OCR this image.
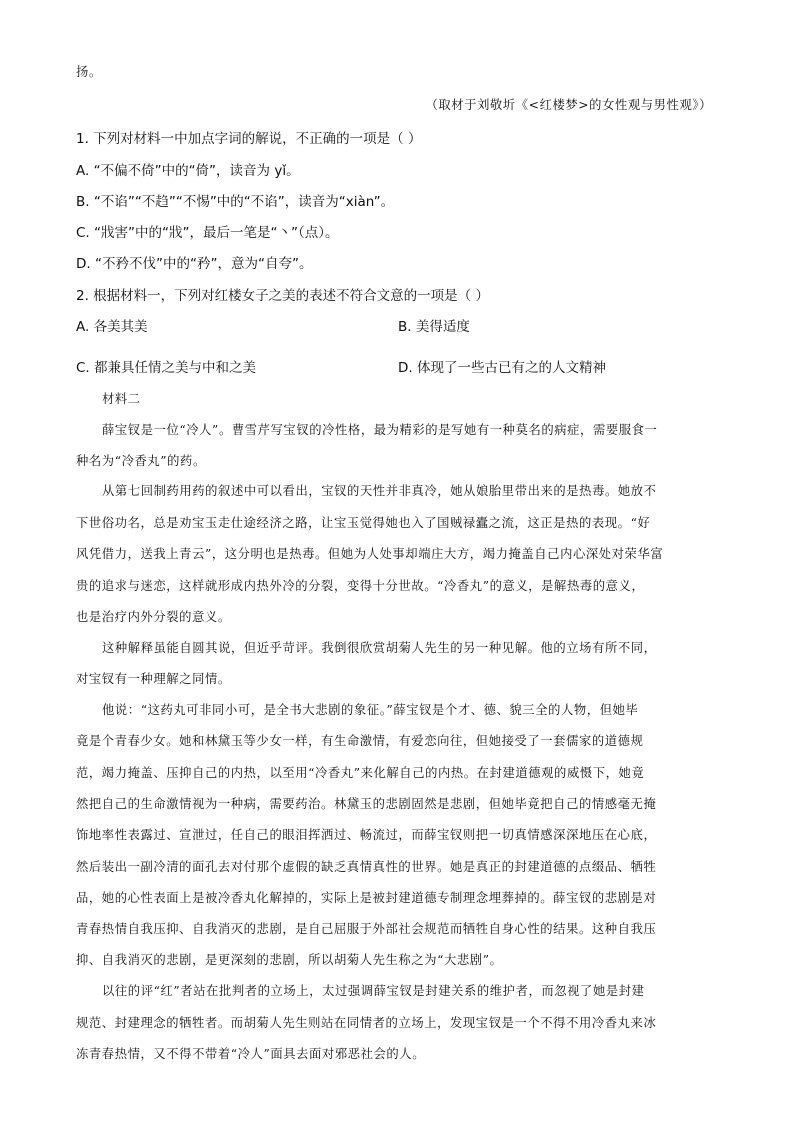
扬。
（取材于刘敬圻《<红楼梦>的女性观与男性观》）
1. 下列对材料一中加点字词的解说，不正确的一项是（ ）
A. “不偏不倚”中的“倚”，读音为 yǐ。
B. “不谄”“不趋”“不惕”中的“不谄”，读音为“xiàn”。
C. “戕害”中的“戕”，最后一笔是“丶”（点）。
D. “不矜不伐”中的“矜”，意为“自夸”。
2. 根据材料一，下列对红楼女子之美的表述不符合文意的一项是（ ）
A. 各美其美	B. 美得适度
C. 都兼具任情之美与中和之美	D. 体现了一些古已有之的人文精神
材料二
薛宝钗是一位“冷人”。曹雪芹写宝钗的冷性格，最为精彩的是写她有一种莫名的病症，需要服食一
种名为“冷香丸”的药。
从第七回制药用药的叙述中可以看出，宝钗的天性并非真冷，她从娘胎里带出来的是热毒。她放不
下世俗功名，总是劝宝玉走仕途经济之路，让宝玉觉得她也入了国贼禄蠹之流，这正是热的表现。“好
风凭借力，送我上青云”，这分明也是热毒。但她为人处事却端庄大方，竭力掩盖自己内心深处对荣华富
贵的追求与迷恋，这样就形成内热外冷的分裂，变得十分世故。“冷香丸”的意义，是解热毒的意义，
也是治疗内外分裂的意义。
这种解释虽能自圆其说，但近乎苛评。我倒很欣赏胡菊人先生的另一种见解。他的立场有所不同，
对宝钗有一种理解之同情。
他说：“这药丸可非同小可，是全书大悲剧的象征。”薛宝钗是个才、德、貌三全的人物，但她毕
竟是个青春少女。她和林黛玉等少女一样，有生命激情，有爱恋向往，但她接受了一套儒家的道德规
范，竭力掩盖、压抑自己的内热，以至用“冷香丸”来化解自己的内热。在封建道德观的威慑下，她竟
然把自己的生命激情视为一种病，需要药治。林黛玉的悲剧固然是悲剧，但她毕竟把自己的情感毫无掩
饰地率性表露过、宣泄过，任自己的眼泪挥洒过、畅流过，而薛宝钗则把一切真情感深深地压在心底，
然后装出一副冷清的面孔去对付那个虚假的缺乏真情真性的世界。她是真正的封建道德的点缀品、牺牲
品，她的心性表面上是被冷香丸化解掉的，实际上是被封建道德专制理念埋葬掉的。薛宝钗的悲剧是对
青春热情自我压抑、自我消灭的悲剧，是自己屈服于外部社会规范而牺牲自身心性的结果。这种自我压
抑、自我消灭的悲剧，是更深刻的悲剧，所以胡菊人先生称之为“大悲剧”。
以往的评“红”者站在批判者的立场上，太过强调薛宝钗是封建关系的维护者，而忽视了她是封建
规范、封建理念的牺牲者。而胡菊人先生则站在同情者的立场上，发现宝钗是一个不得不用冷香丸来冰
冻青春热情，又不得不带着“冷人”面具去面对邪恶社会的人。
